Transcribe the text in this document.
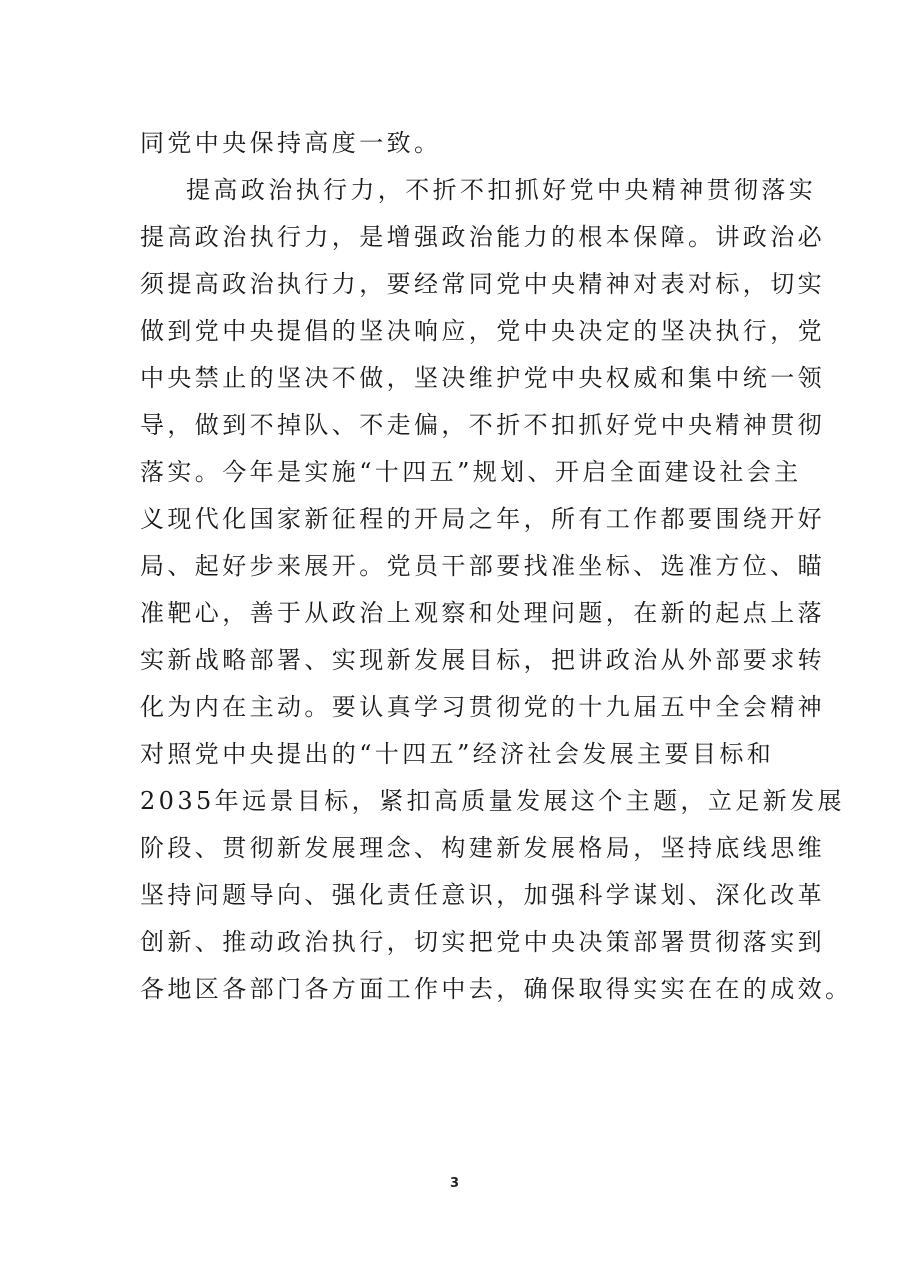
同党中央保持高度一致。
提高政治执行力，不折不扣抓好党中央精神贯彻落实
提高政治执行力，是增强政治能力的根本保障。讲政治必
须提高政治执行力，要经常同党中央精神对表对标，切实
做到党中央提倡的坚决响应，党中央决定的坚决执行，党
中央禁止的坚决不做，坚决维护党中央权威和集中统一领
导，做到不掉队、不走偏，不折不扣抓好党中央精神贯彻
落实。今年是实施“十四五”规划、开启全面建设社会主
义现代化国家新征程的开局之年，所有工作都要围绕开好
局、起好步来展开。党员干部要找准坐标、选准方位、瞄
准靶心，善于从政治上观察和处理问题，在新的起点上落
实新战略部署、实现新发展目标，把讲政治从外部要求转
化为内在主动。要认真学习贯彻党的十九届五中全会精神
对照党中央提出的“十四五”经济社会发展主要目标和
2035年远景目标，紧扣高质量发展这个主题，立足新发展
阶段、贯彻新发展理念、构建新发展格局，坚持底线思维
坚持问题导向、强化责任意识，加强科学谋划、深化改革
创新、推动政治执行，切实把党中央决策部署贯彻落实到
各地区各部门各方面工作中去，确保取得实实在在的成效。
3
